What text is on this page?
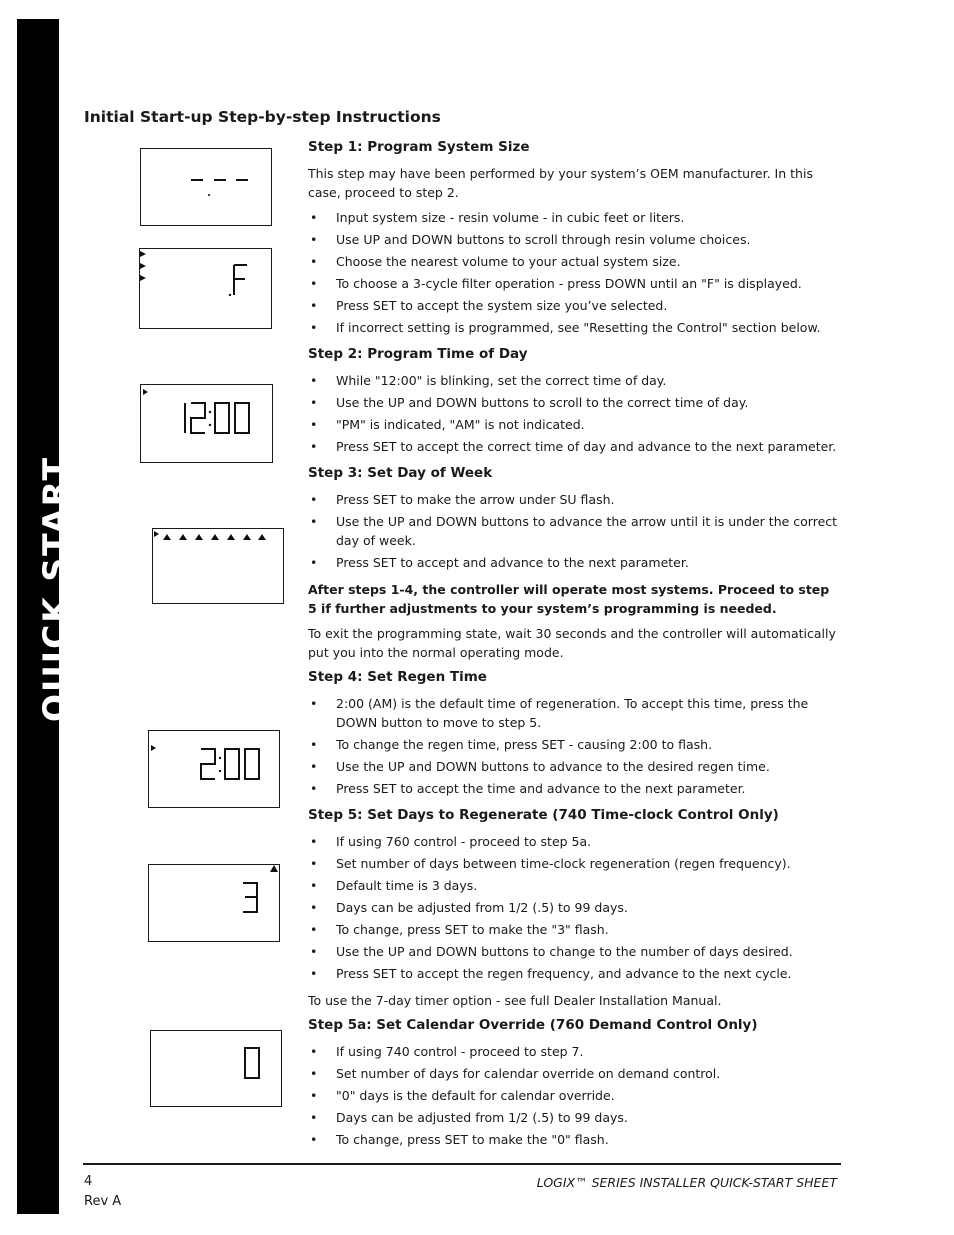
QUICK START
Initial Start-up Step-by-step Instructions
Step 1: Program System Size
This step may have been performed by your system’s OEM manufacturer. In this case, proceed to step 2.
• Input system size - resin volume - in cubic feet or liters.
• Use UP and DOWN buttons to scroll through resin volume choices.
• Choose the nearest volume to your actual system size.
• To choose a 3-cycle filter operation - press DOWN until an "F" is displayed.
• Press SET to accept the system size you’ve selected.
• If incorrect setting is programmed, see "Resetting the Control" section below.
Step 2: Program Time of Day
• While "12:00" is blinking, set the correct time of day.
• Use the UP and DOWN buttons to scroll to the correct time of day.
• "PM" is indicated, "AM" is not indicated.
• Press SET to accept the correct time of day and advance to the next parameter.
Step 3: Set Day of Week
• Press SET to make the arrow under SU flash.
• Use the UP and DOWN buttons to advance the arrow until it is under the correct day of week.
• Press SET to accept and advance to the next parameter.
After steps 1-4, the controller will operate most systems. Proceed to step 5 if further adjustments to your system’s programming is needed.
To exit the programming state, wait 30 seconds and the controller will automatically put you into the normal operating mode.
Step 4: Set Regen Time
• 2:00 (AM) is the default time of regeneration. To accept this time, press the DOWN button to move to step 5.
• To change the regen time, press SET - causing 2:00 to flash.
• Use the UP and DOWN buttons to advance to the desired regen time.
• Press SET to accept the time and advance to the next parameter.
Step 5: Set Days to Regenerate (740 Time-clock Control Only)
• If using 760 control - proceed to step 5a.
• Set number of days between time-clock regeneration (regen frequency).
• Default time is 3 days.
• Days can be adjusted from 1/2 (.5) to 99 days.
• To change, press SET to make the "3" flash.
• Use the UP and DOWN buttons to change to the number of days desired.
• Press SET to accept the regen frequency, and advance to the next cycle.
To use the 7-day timer option - see full Dealer Installation Manual.
Step 5a: Set Calendar Override (760 Demand Control Only)
• If using 740 control - proceed to step 7.
• Set number of days for calendar override on demand control.
• "0" days is the default for calendar override.
• Days can be adjusted from 1/2 (.5) to 99 days.
• To change, press SET to make the "0" flash.
4
Rev A
LOGIX™ SERIES INSTALLER QUICK-START SHEET
